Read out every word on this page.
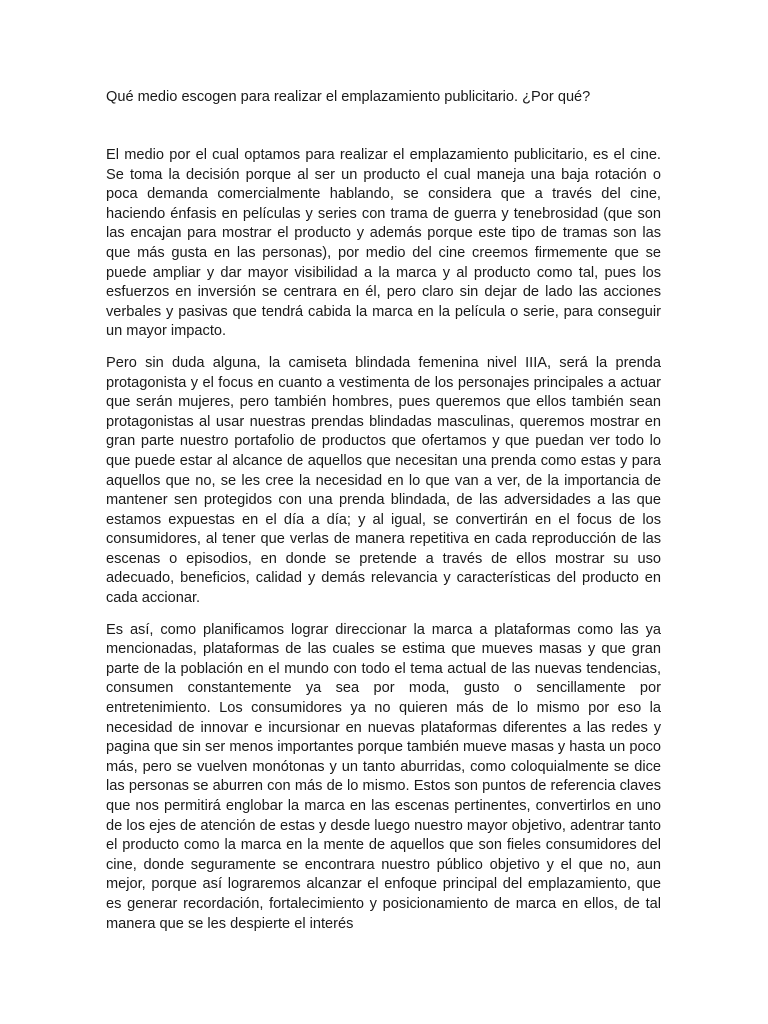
Qué medio escogen para realizar el emplazamiento publicitario. ¿Por qué?

El medio por el cual optamos para realizar el emplazamiento publicitario, es el cine. Se toma la decisión porque al ser un producto el cual maneja una baja rotación o poca demanda comercialmente hablando, se considera que a través del cine, haciendo énfasis en películas y series con trama de guerra y tenebrosidad (que son las encajan para mostrar el producto y además porque este tipo de tramas son las que más gusta en las personas), por medio del cine creemos firmemente que se puede ampliar y dar mayor visibilidad a la marca y al producto como tal, pues los esfuerzos en inversión se centrara en él, pero claro sin dejar de lado las acciones verbales y pasivas que tendrá cabida la marca en la película o serie, para conseguir un mayor impacto.

Pero sin duda alguna, la camiseta blindada femenina nivel IIIA, será la prenda protagonista y el focus en cuanto a vestimenta de los personajes principales a actuar que serán mujeres, pero también hombres, pues queremos que ellos también sean protagonistas al usar nuestras prendas blindadas masculinas, queremos mostrar en gran parte nuestro portafolio de productos que ofertamos y que puedan ver todo lo que puede estar al alcance de aquellos que necesitan una prenda como estas y para aquellos que no, se les cree la necesidad en lo que van a ver, de la importancia de mantener sen protegidos con una prenda blindada, de las adversidades a las que estamos expuestas en el día a día; y al igual, se convertirán en el focus de los consumidores, al tener que verlas de manera repetitiva en cada reproducción de las escenas o episodios, en donde se pretende a través de ellos mostrar su uso adecuado, beneficios, calidad y demás relevancia y características del producto en cada accionar.

Es así, como planificamos lograr direccionar la marca a plataformas como las ya mencionadas, plataformas de las cuales se estima que mueves masas y que gran parte de la población en el mundo con todo el tema actual de las nuevas tendencias, consumen constantemente ya sea por moda, gusto o sencillamente por entretenimiento. Los consumidores ya no quieren más de lo mismo por eso la necesidad de innovar e incursionar en nuevas plataformas diferentes a las redes y pagina que sin ser menos importantes porque también mueve masas y hasta un poco más, pero se vuelven monótonas y un tanto aburridas, como coloquialmente se dice las personas se aburren con más de lo mismo. Estos son puntos de referencia claves que nos permitirá englobar la marca en las escenas pertinentes, convertirlos en uno de los ejes de atención de estas y desde luego nuestro mayor objetivo, adentrar tanto el producto como la marca en la mente de aquellos que son fieles consumidores del cine, donde seguramente se encontrara nuestro público objetivo y el que no, aun mejor, porque así lograremos alcanzar el enfoque principal del emplazamiento, que es generar recordación, fortalecimiento y posicionamiento de marca en ellos, de tal manera que se les despierte el interés
